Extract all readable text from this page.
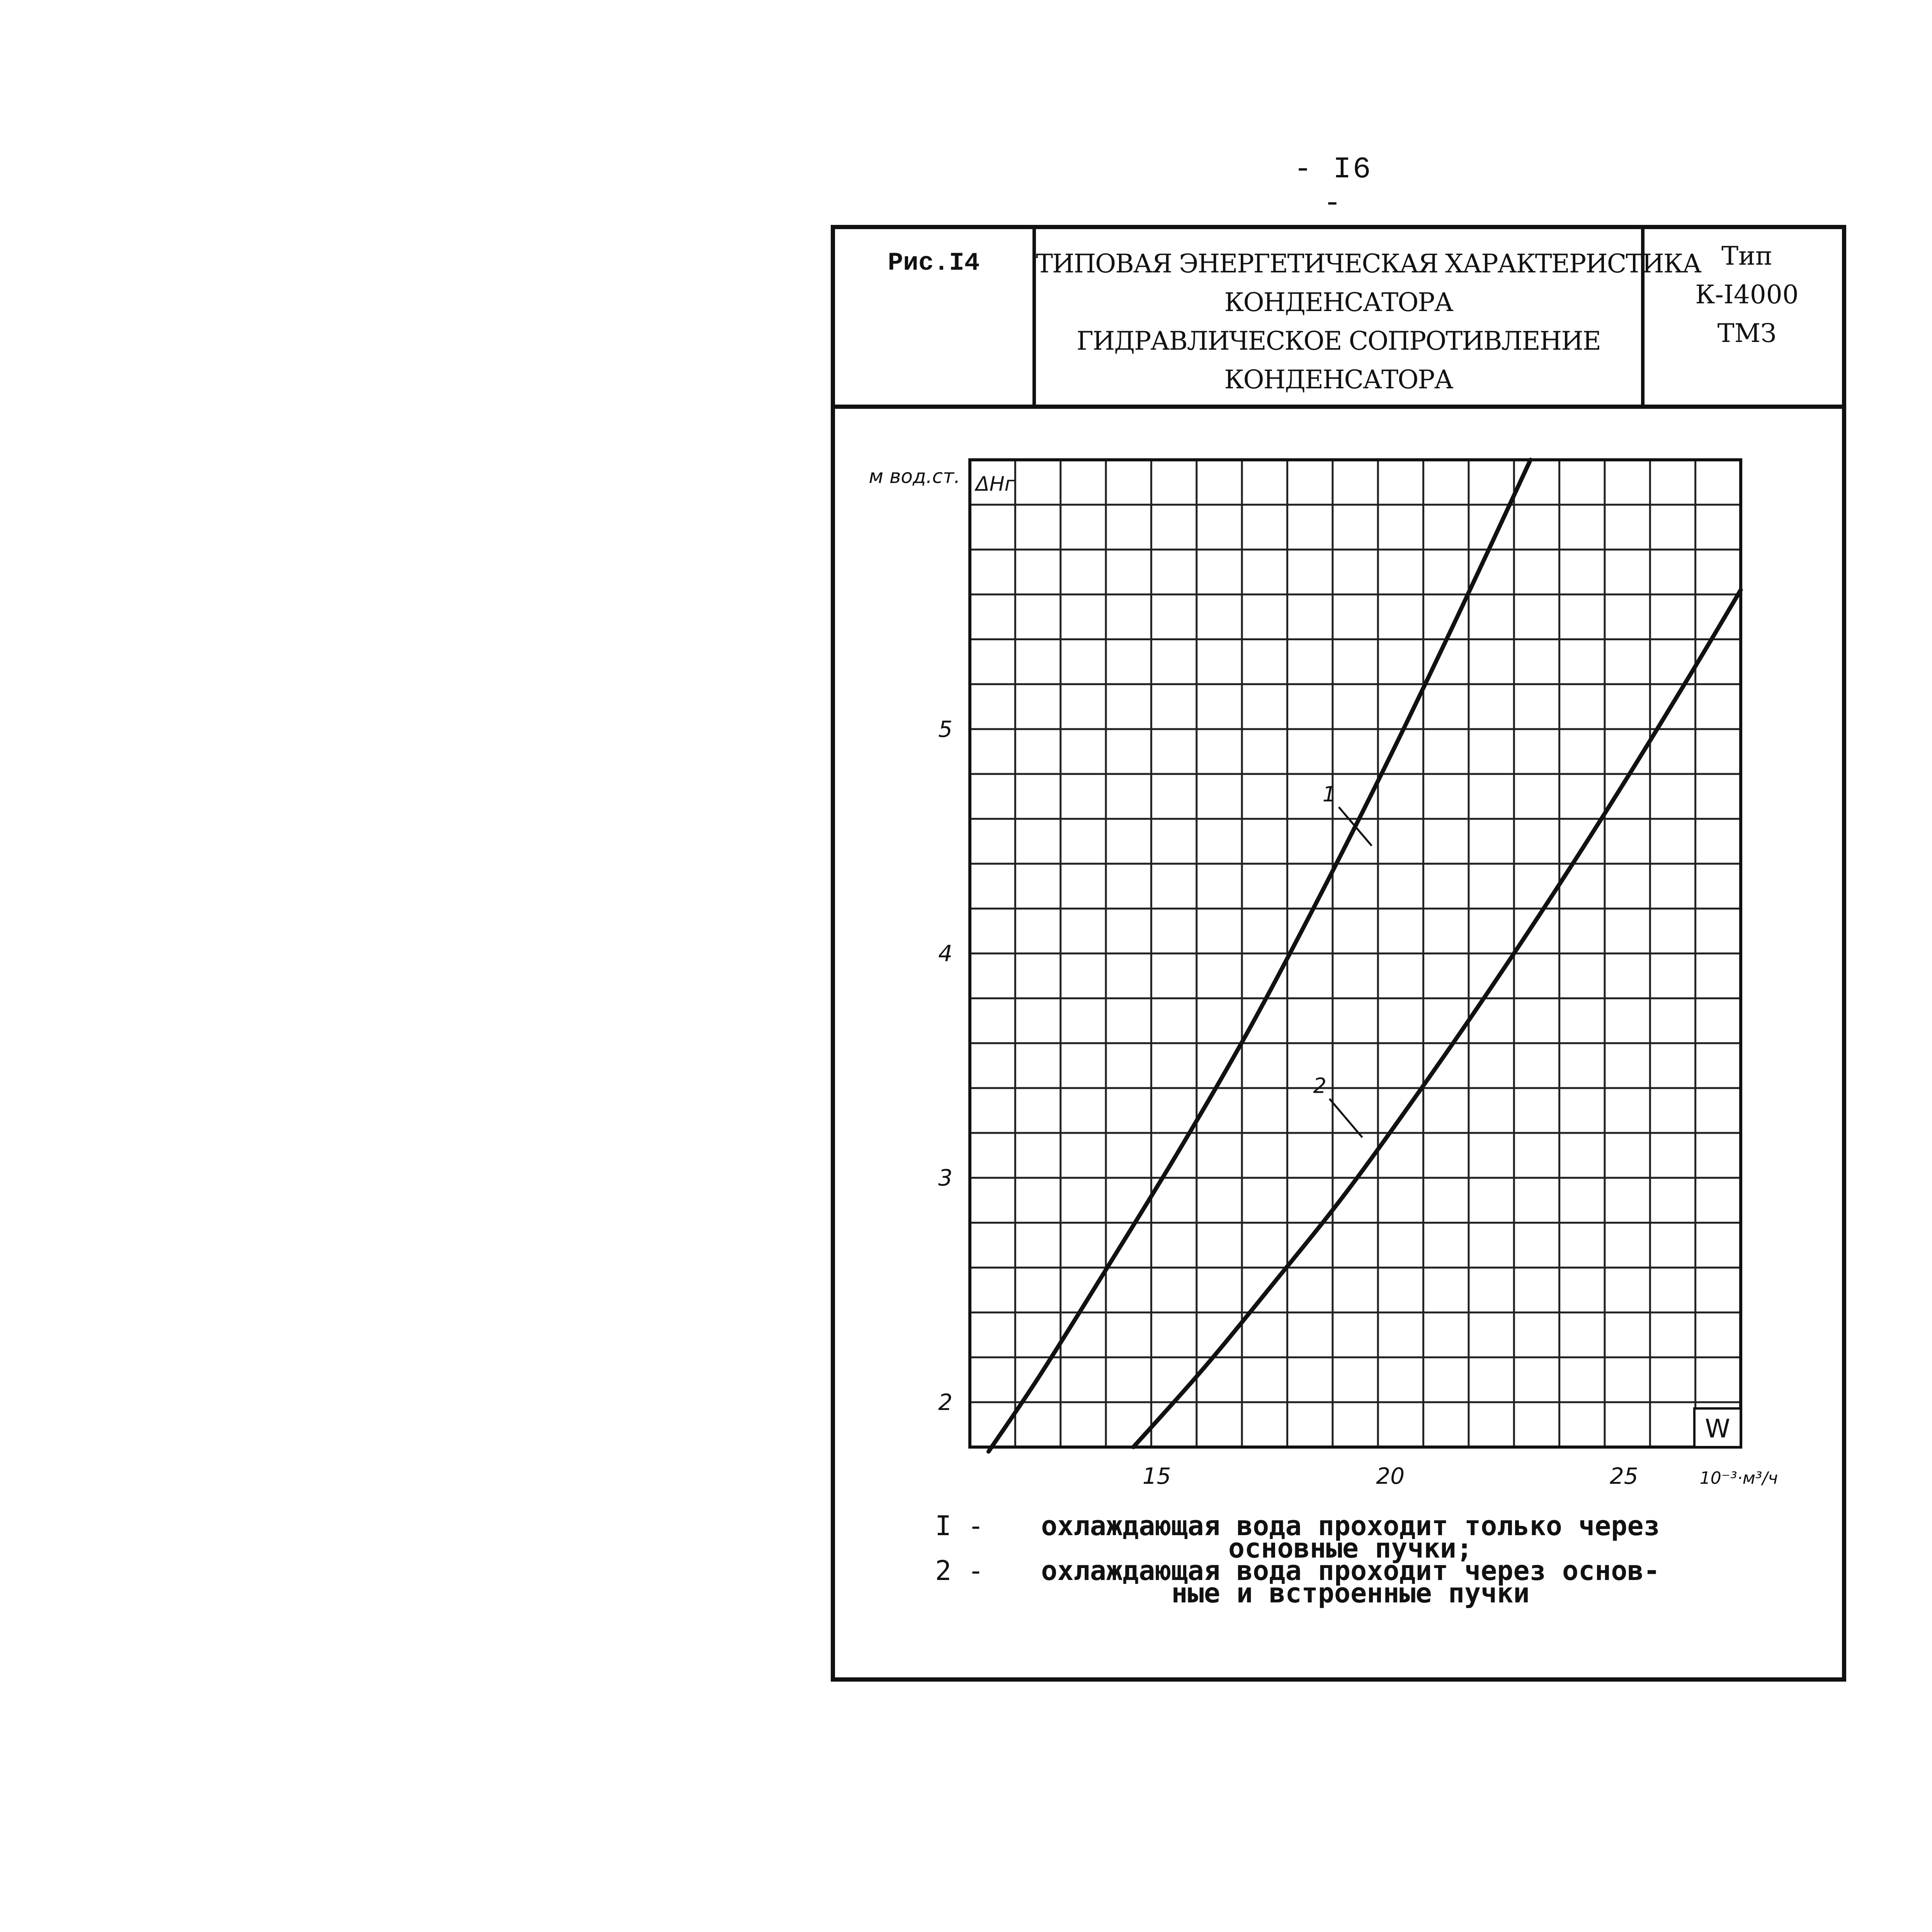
- I6 -
Рис.I4	ТИПОВАЯ ЭНЕРГЕТИЧЕСКАЯ ХАРАКТЕРИСТИКА
КОНДЕНСАТОРА
ГИДРАВЛИЧЕСКОЕ СОПРОТИВЛЕНИЕ
КОНДЕНСАТОРА
Тип
К-I4000
ТМЗ
15	20	25
2
3
4
5
м вод.ст. ΔНг
W
10⁻³·м³/ч
1
2
I -	охлаждающая вода проходит только через
основные пучки;
2 -	охлаждающая вода проходит через основ-
ные и встроенные пучки
